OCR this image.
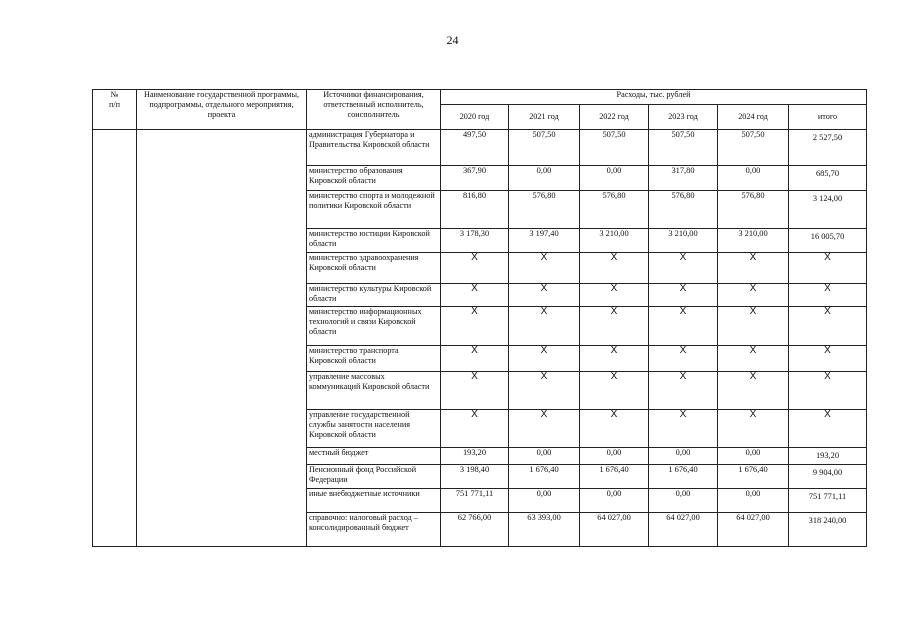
24
№
п/п	Наименование государственной программы, подпрограммы, отдельного мероприятия, проекта	Источники финансирования, ответственный исполнитель, соисполнитель	Расходы, тыс. рублей					
			2020 год	2021 год	2022 год	2023 год	2024 год	итого
		администрация Губернатора и Правительства Кировской области	497,50	507,50	507,50	507,50	507,50	2 527,50
		министерство образования Кировской области	367,90	0,00	0,00	317,80	0,00	685,70
		министерство спорта и молодежной политики Кировской области	816,80	576,80	576,80	576,80	576,80	3 124,00
		министерство юстиции Кировской области	3 178,30	3 197,40	3 210,00	3 210,00	3 210,00	16 005,70
		министерство здравоохранения Кировской области	Х	Х	Х	Х	Х	Х
		министерство культуры Кировской области	Х	Х	Х	Х	Х	Х
		министерство информационных технологий и связи Кировской области	Х	Х	Х	Х	Х	Х
		министерство транспорта Кировской области	Х	Х	Х	Х	Х	Х
		управление массовых коммуникаций Кировской области	Х	Х	Х	Х	Х	Х
		управление государственной службы занятости населения Кировской области	Х	Х	Х	Х	Х	Х
		местный бюджет	193,20	0,00	0,00	0,00	0,00	193,20
		Пенсионный фонд Российской Федерации	3 198,40	1 676,40	1 676,40	1 676,40	1 676,40	9 904,00
		иные внебюджетные источники	751 771,11	0,00	0,00	0,00	0,00	751 771,11
		справочно: налоговый расход – консолидированный бюджет	62 766,00	63 393,00	64 027,00	64 027,00	64 027,00	318 240,00
